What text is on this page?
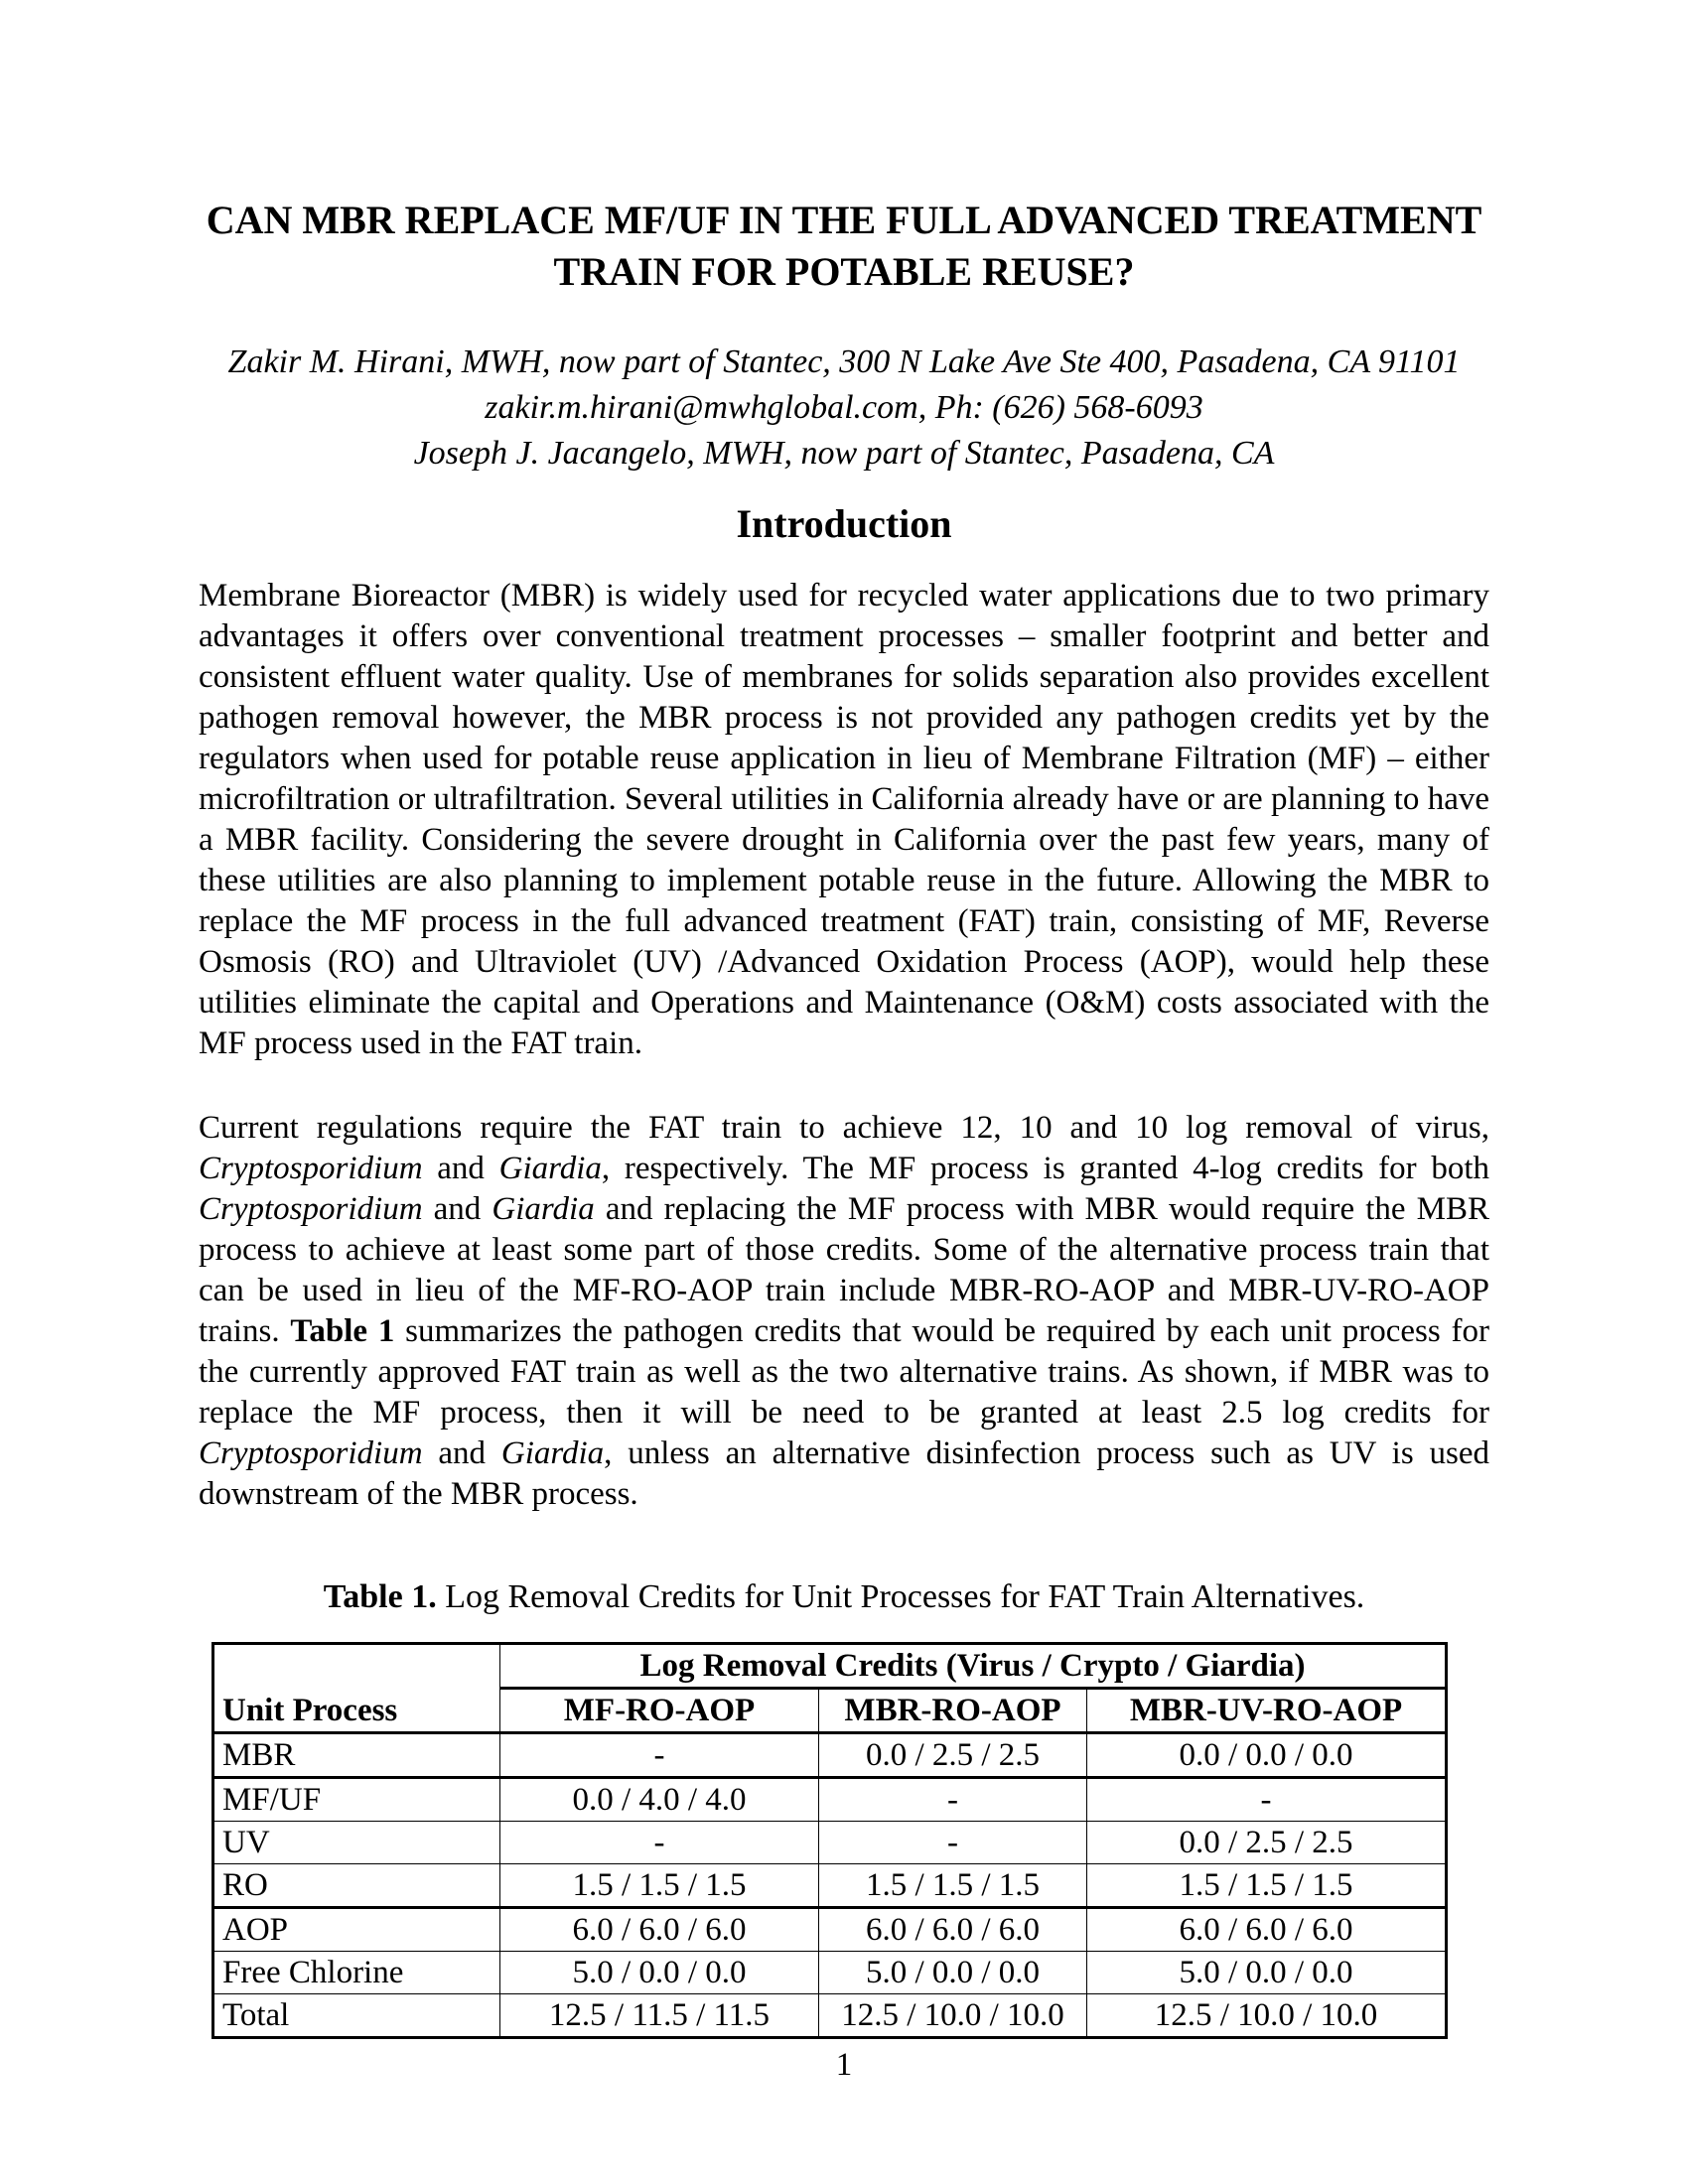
CAN MBR REPLACE MF/UF IN THE FULL ADVANCED TREATMENT
TRAIN FOR POTABLE REUSE?
Zakir M. Hirani, MWH, now part of Stantec, 300 N Lake Ave Ste 400, Pasadena, CA 91101
zakir.m.hirani@mwhglobal.com, Ph: (626) 568-6093
Joseph J. Jacangelo, MWH, now part of Stantec, Pasadena, CA
Introduction

Membrane Bioreactor (MBR) is widely used for recycled water applications due to two primary advantages it offers over conventional treatment processes – smaller footprint and better and consistent effluent water quality. Use of membranes for solids separation also provides excellent pathogen removal however, the MBR process is not provided any pathogen credits yet by the regulators when used for potable reuse application in lieu of Membrane Filtration (MF) – either microfiltration or ultrafiltration. Several utilities in California already have or are planning to have a MBR facility. Considering the severe drought in California over the past few years, many of these utilities are also planning to implement potable reuse in the future. Allowing the MBR to replace the MF process in the full advanced treatment (FAT) train, consisting of MF, Reverse Osmosis (RO) and Ultraviolet (UV) /Advanced Oxidation Process (AOP), would help these utilities eliminate the capital and Operations and Maintenance (O&M) costs associated with the MF process used in the FAT train.

Current regulations require the FAT train to achieve 12, 10 and 10 log removal of virus, Cryptosporidium and Giardia, respectively. The MF process is granted 4-log credits for both Cryptosporidium and Giardia and replacing the MF process with MBR would require the MBR process to achieve at least some part of those credits. Some of the alternative process train that can be used in lieu of the MF-RO-AOP train include MBR-RO-AOP and MBR-UV-RO-AOP trains. Table 1 summarizes the pathogen credits that would be required by each unit process for the currently approved FAT train as well as the two alternative trains. As shown, if MBR was to replace the MF process, then it will be need to be granted at least 2.5 log credits for Cryptosporidium and Giardia, unless an alternative disinfection process such as UV is used downstream of the MBR process.

Table 1. Log Removal Credits for Unit Processes for FAT Train Alternatives.
Unit Process	Log Removal Credits (Virus / Crypto / Giardia)		
	MF-RO-AOP	MBR-RO-AOP	MBR-UV-RO-AOP
MBR	-	0.0 / 2.5 / 2.5	0.0 / 0.0 / 0.0
MF/UF	0.0 / 4.0 / 4.0	-	-
UV	-	-	0.0 / 2.5 / 2.5
RO	1.5 / 1.5 / 1.5	1.5 / 1.5 / 1.5	1.5 / 1.5 / 1.5
AOP	6.0 / 6.0 / 6.0	6.0 / 6.0 / 6.0	6.0 / 6.0 / 6.0
Free Chlorine	5.0 / 0.0 / 0.0	5.0 / 0.0 / 0.0	5.0 / 0.0 / 0.0
Total	12.5 / 11.5 / 11.5	12.5 / 10.0 / 10.0	12.5 / 10.0 / 10.0
1
